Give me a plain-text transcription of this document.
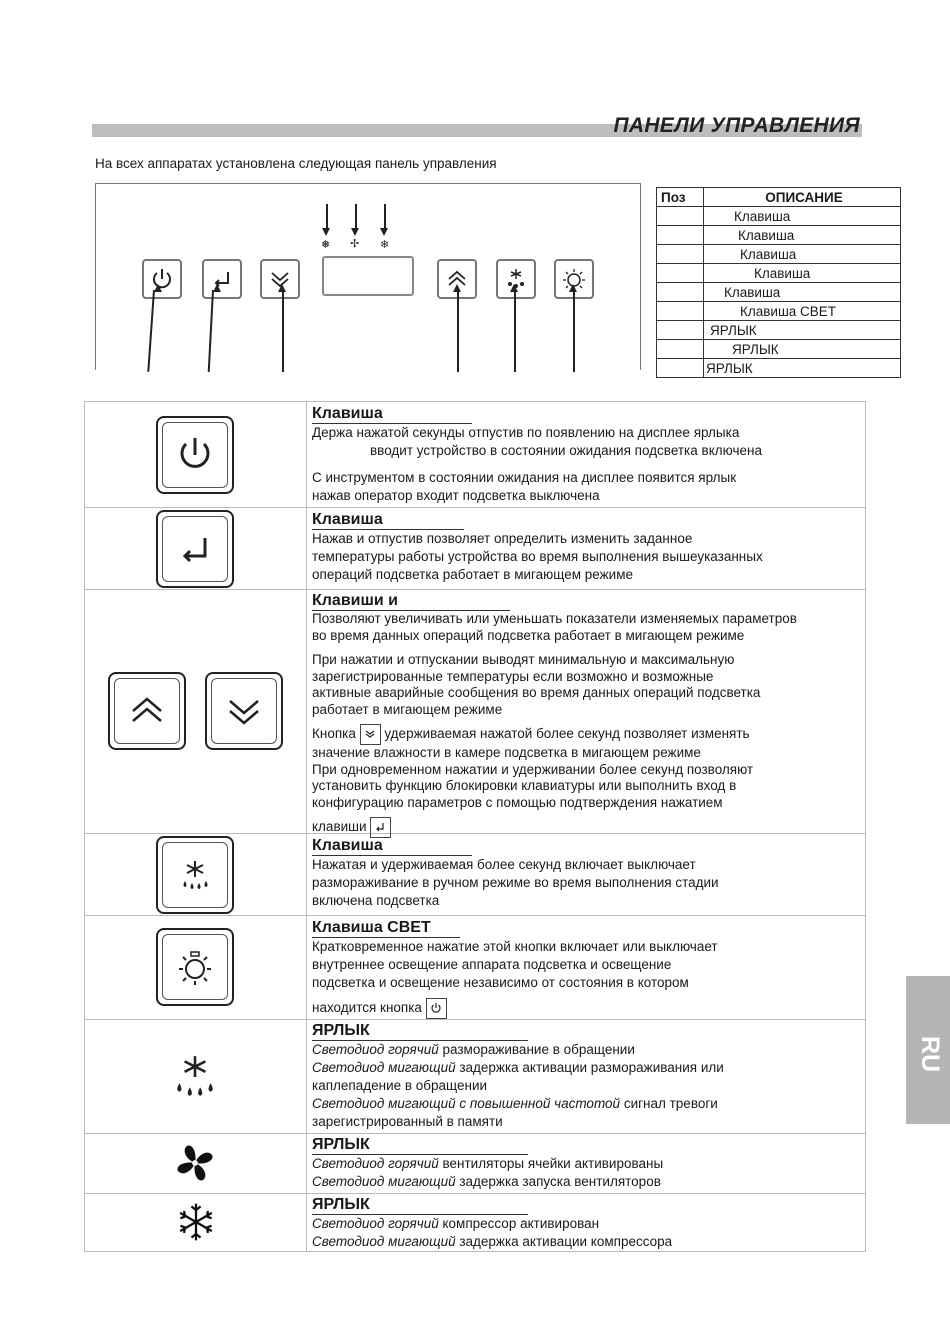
ПАНЕЛИ УПРАВЛЕНИЯ
На всех аппаратах установлена следующая панель управления
❅ ✢ ❄
Поз	ОПИСАНИЕ
	Клавиша
	Клавиша
	Клавиша
	Клавиша
	Клавиша
	Клавиша СВЕТ
	ЯРЛЫК
	ЯРЛЫК
	ЯРЛЫК
Клавиша

Держа нажатой секунды отпустив по появлению на дисплее ярлыка

вводит устройство в состоянии ожидания подсветка включена

С инструментом в состоянии ожидания на дисплее появится ярлык

нажав оператор входит подсветка выключена

Клавиша

Нажав и отпустив позволяет определить изменить заданное

температуры работы устройства во время выполнения вышеуказанных

операций подсветка работает в мигающем режиме

Клавиши и

Позволяют увеличивать или уменьшать показатели изменяемых параметров

во время данных операций подсветка работает в мигающем режиме

При нажатии и отпускании выводят минимальную и максимальную

зарегистрированные температуры если возможно и возможные

активные аварийные сообщения во время данных операций подсветка

работает в мигающем режиме

Кнопка
удерживаемая нажатой более секунд позволяет изменять

значение влажности в камере подсветка в мигающем режиме

При одновременном нажатии и удерживании более секунд позволяют

установить функцию блокировки клавиатуры или выполнить вход в

конфигурацию параметров с помощью подтверждения нажатием

клавиши

Клавиша

Нажатая и удерживаемая более секунд включает выключает

размораживание в ручном режиме во время выполнения стадии

включена подсветка

Клавиша СВЕТ

Кратковременное нажатие этой кнопки включает или выключает

внутреннее освещение аппарата подсветка и освещение

подсветка и освещение независимо от состояния в котором

находится кнопка

ЯРЛЫК

Светодиод горячий размораживание в обращении

Светодиод мигающий задержка активации размораживания или

каплепадение в обращении

Светодиод мигающий с повышенной частотой сигнал тревоги

зарегистрированный в памяти

ЯРЛЫК

Светодиод горячий вентиляторы ячейки активированы

Светодиод мигающий задержка запуска вентиляторов

ЯРЛЫК

Светодиод горячий компрессор активирован

Светодиод мигающий задержка активации компрессора

RU
